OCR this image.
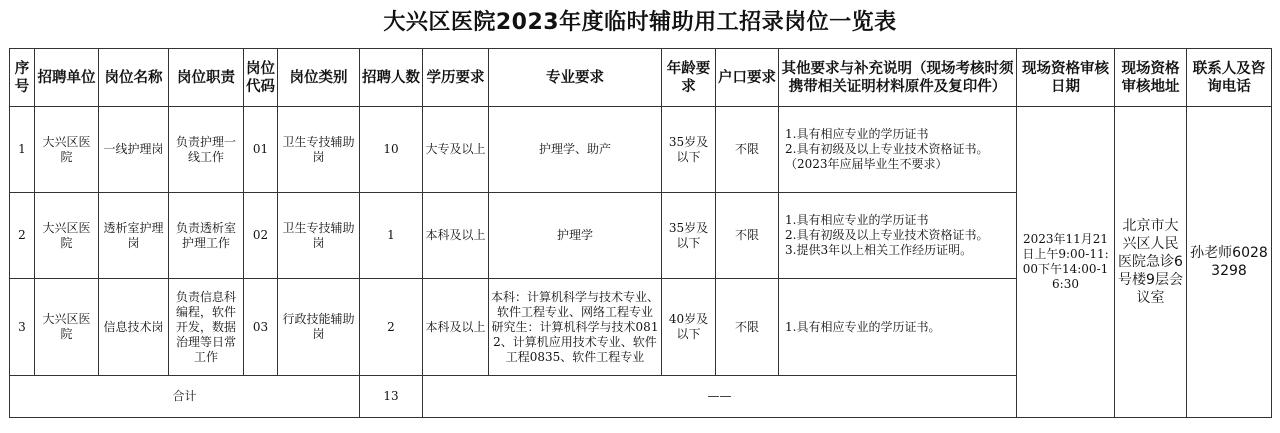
大兴区医院2023年度临时辅助用工招录岗位一览表
序号	招聘单位	岗位名称	岗位职责	岗位代码	岗位类别	招聘人数	学历要求	专业要求	年龄要求	户口要求	其他要求与补充说明（现场考核时须携带相关证明材料原件及复印件）	现场资格审核日期	现场资格审核地址	联系人及咨询电话
1	大兴区医院	一线护理岗	负责护理一线工作	01	卫生专技辅助岗	10	大专及以上	护理学、助产	35岁及以下	不限	1.具有相应专业的学历证书
2.具有初级及以上专业技术资格证书。
（2023年应届毕业生不要求）	2023年11月21日上午9:00-11:00下午14:00-16:30	北京市大兴区人民医院急诊6号楼9层会议室	孙老师60283298
2	大兴区医院	透析室护理岗	负责透析室护理工作	02	卫生专技辅助岗	1	本科及以上	护理学	35岁及以下	不限	1.具有相应专业的学历证书
2.具有初级及以上专业技术资格证书。
3.提供3年以上相关工作经历证明。			

3	大兴区医院	信息技术岗	负责信息科编程，软件开发，数据治理等日常工作	03	行政技能辅助岗	2	本科及以上	本科：计算机科学与技术专业、软件工程专业、网络工程专业 研究生：计算机科学与技术0812、计算机应用技术专业、软件工程0835、软件工程专业	40岁及以下	不限	1.具有相应专业的学历证书。			

合计						13	——							
